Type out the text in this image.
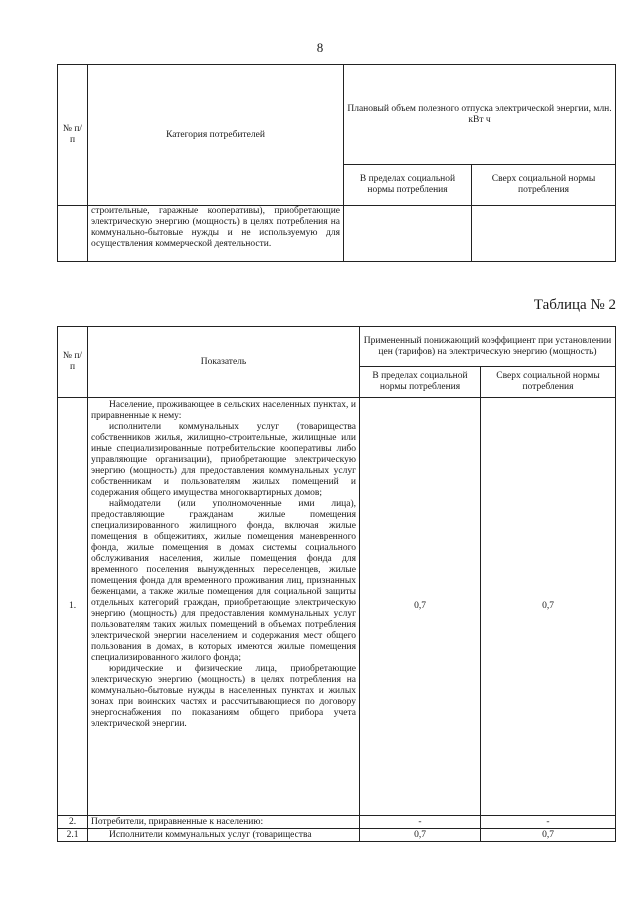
8
№ п/п	Категория потребителей	Плановый объем полезного отпуска электрической энергии, млн. кВт ч	
		В пределах социальной нормы потребления	Сверх социальной нормы потребления
	строительные, гаражные кооперативы), приобретающие электрическую энергию (мощность) в целях потребления на коммунально-бытовые нужды и не используемую для осуществления коммерческой деятельности.		
Таблица № 2
№ п/п	Показатель	Примененный понижающий коэффициент при установлении цен (тарифов) на электрическую энергию (мощность)	
		В пределах социальной нормы потребления	Сверх социальной нормы потребления
1.	Население, проживающее в сельских населенных пунктах, и приравненные к нему:

исполнители коммунальных услуг (товарищества собственников жилья, жилищно-строительные, жилищные или иные специализированные потребительские кооперативы либо управляющие организации), приобретающие электрическую энергию (мощность) для предоставления коммунальных услуг собственникам и пользователям жилых помещений и содержания общего имущества многоквартирных домов;

наймодатели (или уполномоченные ими лица), предоставляющие гражданам жилые помещения специализированного жилищного фонда, включая жилые помещения в общежитиях, жилые помещения маневренного фонда, жилые помещения в домах системы социального обслуживания населения, жилые помещения фонда для временного поселения вынужденных переселенцев, жилые помещения фонда для временного проживания лиц, признанных беженцами, а также жилые помещения для социальной защиты отдельных категорий граждан, приобретающие электрическую энергию (мощность) для предоставления коммунальных услуг пользователям таких жилых помещений в объемах потребления электрической энергии населением и содержания мест общего пользования в домах, в которых имеются жилые помещения специализированного жилого фонда;

юридические и физические лица, приобретающие электрическую энергию (мощность) в целях потребления на коммунально-бытовые нужды в населенных пунктах и жилых зонах при воинских частях и рассчитывающиеся по договору энергоснабжения по показаниям общего прибора учета электрической энергии.	0,7	0,7
2.	Потребители, приравненные к населению:	-	-
2.1	Исполнители коммунальных услуг (товарищества	0,7	0,7
